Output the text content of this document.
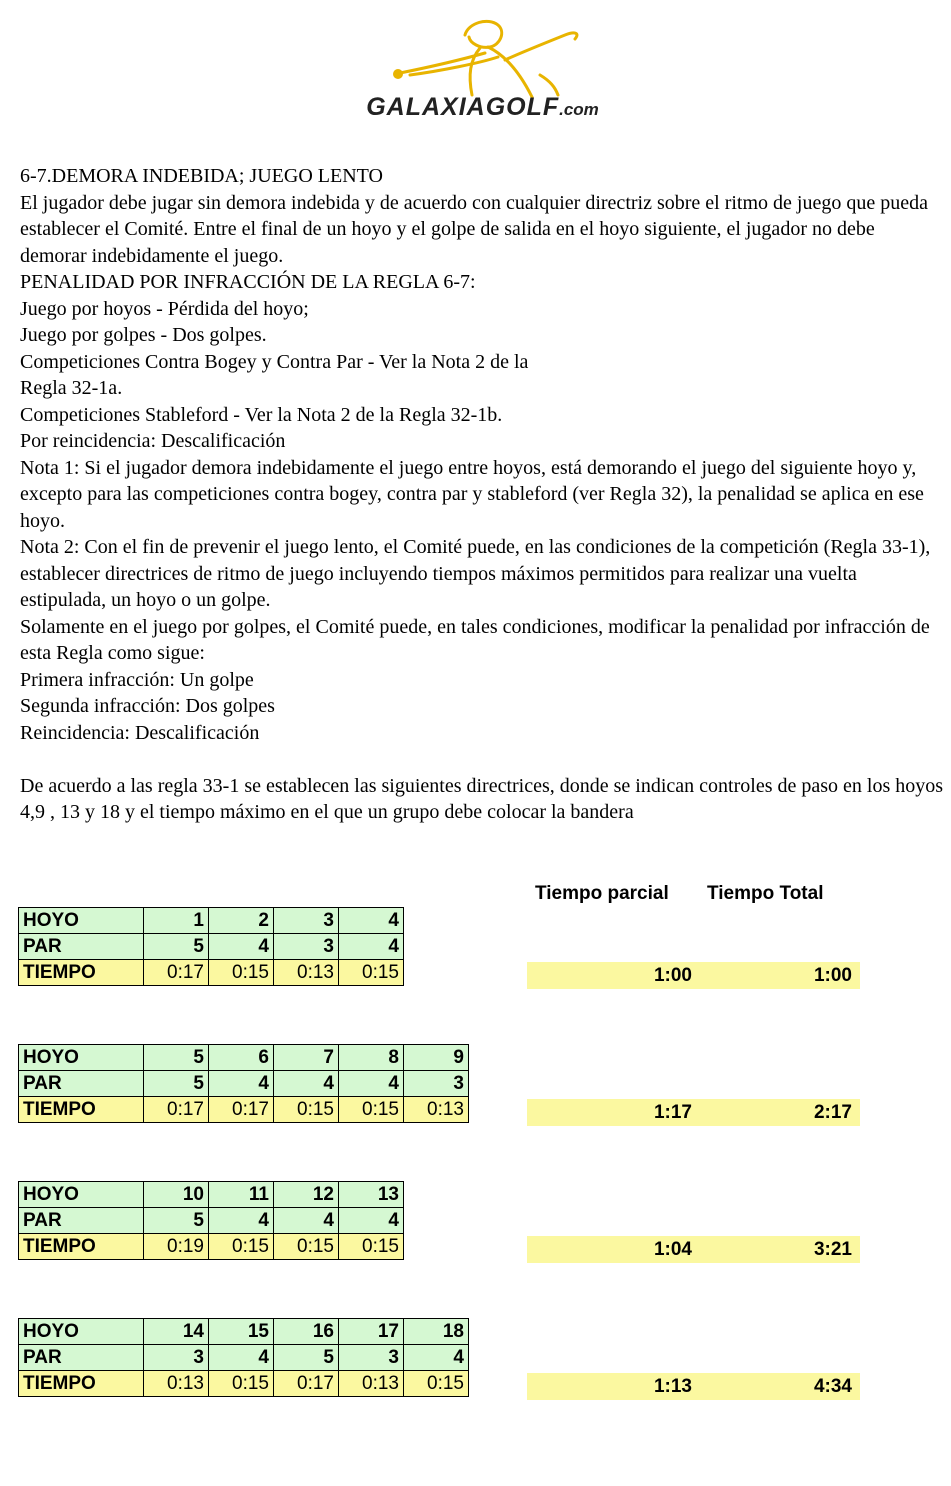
GALAXIAGOLF.com

6-7.DEMORA INDEBIDA; JUEGO LENTO

El jugador debe jugar sin demora indebida y de acuerdo con cualquier directriz sobre el ritmo de juego que pueda establecer el Comité. Entre el final de un hoyo y el golpe de salida en el hoyo siguiente, el jugador no debe demorar indebidamente el juego.

PENALIDAD POR INFRACCIÓN DE LA REGLA 6-7:

Juego por hoyos - Pérdida del hoyo;

Juego por golpes - Dos golpes.

Competiciones Contra Bogey y Contra Par - Ver la Nota 2 de la

Regla 32-1a.

Competiciones Stableford - Ver la Nota 2 de la Regla 32-1b.

Por reincidencia: Descalificación

Nota 1: Si el jugador demora indebidamente el juego entre hoyos, está demorando el juego del siguiente hoyo y, excepto para las competiciones contra bogey, contra par y stableford (ver Regla 32), la penalidad se aplica en ese hoyo.

Nota 2: Con el fin de prevenir el juego lento, el Comité puede, en las condiciones de la competición (Regla 33-1), establecer directrices de ritmo de juego incluyendo tiempos máximos permitidos para realizar una vuelta estipulada, un hoyo o un golpe.

Solamente en el juego por golpes, el Comité puede, en tales condiciones, modificar la penalidad por infracción de esta Regla como sigue:

Primera infracción: Un golpe

Segunda infracción: Dos golpes

Reincidencia: Descalificación

De acuerdo a las regla 33-1 se establecen las siguientes directrices, donde se indican controles de paso en los hoyos 4,9 , 13 y 18 y el tiempo máximo en el que un grupo debe colocar la bandera

Tiempo parcial Tiempo Total
HOYO	1	2	3	4
PAR	5	4	3	4
TIEMPO	0:17	0:15	0:13	0:15	1:00	1:00
HOYO	5	6	7	8	9
PAR	5	4	4	4	3
TIEMPO	0:17	0:17	0:15	0:15	0:13	1:17	2:17
HOYO	10	11	12	13
PAR	5	4	4	4
TIEMPO	0:19	0:15	0:15	0:15	1:04	3:21
HOYO	14	15	16	17	18
PAR	3	4	5	3	4
TIEMPO	0:13	0:15	0:17	0:13	0:15	1:13	4:34
